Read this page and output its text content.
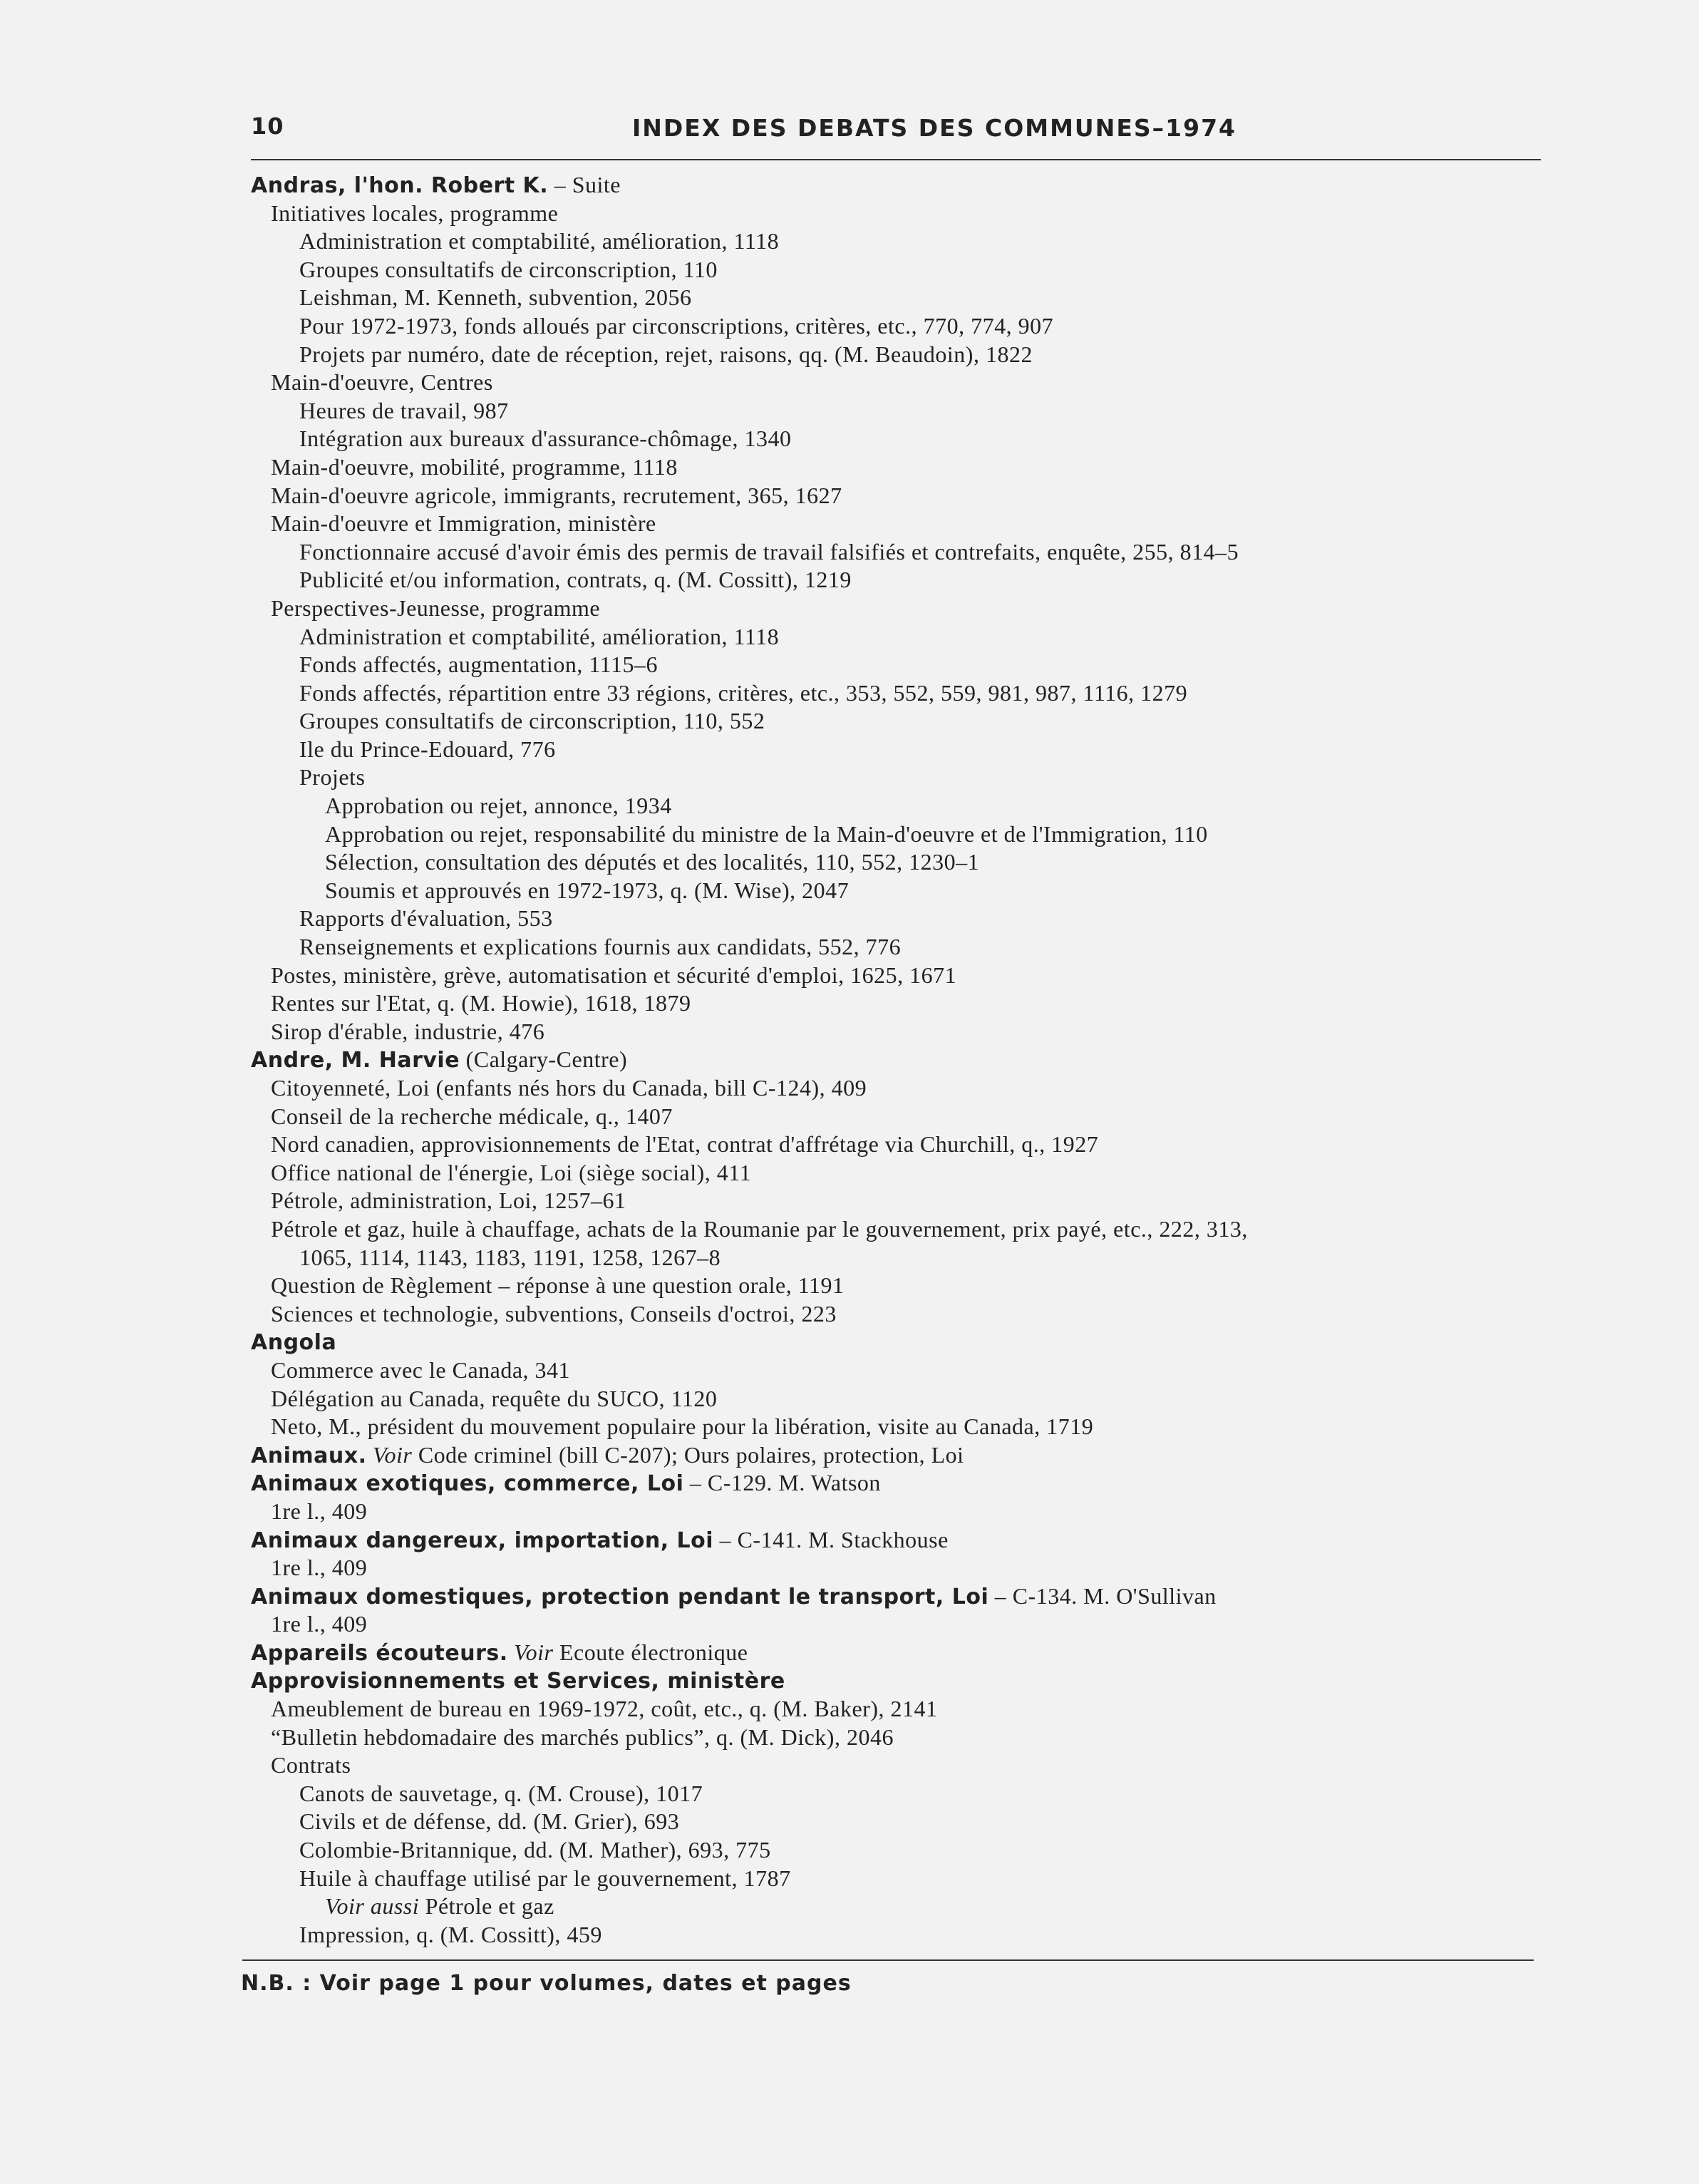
10	INDEX DES DEBATS DES COMMUNES–1974
Andras, l'hon. Robert K. – Suite
Initiatives locales, programme
Administration et comptabilité, amélioration, 1118
Groupes consultatifs de circonscription, 110
Leishman, M. Kenneth, subvention, 2056
Pour 1972-1973, fonds alloués par circonscriptions, critères, etc., 770, 774, 907
Projets par numéro, date de réception, rejet, raisons, qq. (M. Beaudoin), 1822
Main-d'oeuvre, Centres
Heures de travail, 987
Intégration aux bureaux d'assurance-chômage, 1340
Main-d'oeuvre, mobilité, programme, 1118
Main-d'oeuvre agricole, immigrants, recrutement, 365, 1627
Main-d'oeuvre et Immigration, ministère
Fonctionnaire accusé d'avoir émis des permis de travail falsifiés et contrefaits, enquête, 255, 814–5
Publicité et/ou information, contrats, q. (M. Cossitt), 1219
Perspectives-Jeunesse, programme
Administration et comptabilité, amélioration, 1118
Fonds affectés, augmentation, 1115–6
Fonds affectés, répartition entre 33 régions, critères, etc., 353, 552, 559, 981, 987, 1116, 1279
Groupes consultatifs de circonscription, 110, 552
Ile du Prince-Edouard, 776
Projets
Approbation ou rejet, annonce, 1934
Approbation ou rejet, responsabilité du ministre de la Main-d'oeuvre et de l'Immigration, 110
Sélection, consultation des députés et des localités, 110, 552, 1230–1
Soumis et approuvés en 1972-1973, q. (M. Wise), 2047
Rapports d'évaluation, 553
Renseignements et explications fournis aux candidats, 552, 776
Postes, ministère, grève, automatisation et sécurité d'emploi, 1625, 1671
Rentes sur l'Etat, q. (M. Howie), 1618, 1879
Sirop d'érable, industrie, 476
Andre, M. Harvie (Calgary-Centre)
Citoyenneté, Loi (enfants nés hors du Canada, bill C-124), 409
Conseil de la recherche médicale, q., 1407
Nord canadien, approvisionnements de l'Etat, contrat d'affrétage via Churchill, q., 1927
Office national de l'énergie, Loi (siège social), 411
Pétrole, administration, Loi, 1257–61
Pétrole et gaz, huile à chauffage, achats de la Roumanie par le gouvernement, prix payé, etc., 222, 313,
1065, 1114, 1143, 1183, 1191, 1258, 1267–8
Question de Règlement – réponse à une question orale, 1191
Sciences et technologie, subventions, Conseils d'octroi, 223
Angola
Commerce avec le Canada, 341
Délégation au Canada, requête du SUCO, 1120
Neto, M., président du mouvement populaire pour la libération, visite au Canada, 1719
Animaux. Voir Code criminel (bill C-207); Ours polaires, protection, Loi
Animaux exotiques, commerce, Loi – C-129. M. Watson
1re l., 409
Animaux dangereux, importation, Loi – C-141. M. Stackhouse
1re l., 409
Animaux domestiques, protection pendant le transport, Loi – C-134. M. O'Sullivan
1re l., 409
Appareils écouteurs. Voir Ecoute électronique
Approvisionnements et Services, ministère
Ameublement de bureau en 1969-1972, coût, etc., q. (M. Baker), 2141
“Bulletin hebdomadaire des marchés publics”, q. (M. Dick), 2046
Contrats
Canots de sauvetage, q. (M. Crouse), 1017
Civils et de défense, dd. (M. Grier), 693
Colombie-Britannique, dd. (M. Mather), 693, 775
Huile à chauffage utilisé par le gouvernement, 1787
Voir aussi Pétrole et gaz
Impression, q. (M. Cossitt), 459
N.B. : Voir page 1 pour volumes, dates et pages
